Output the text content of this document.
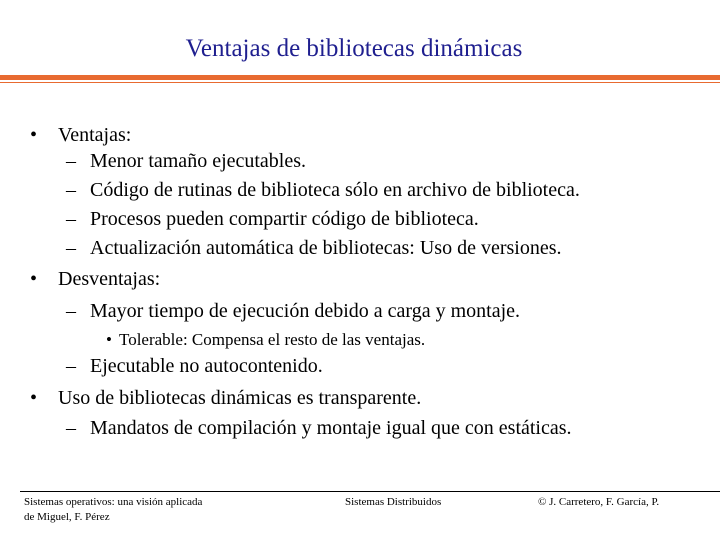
Ventajas de bibliotecas dinámicas
• Ventajas:
– Menor tamaño ejecutables.
– Código de rutinas de biblioteca sólo en archivo de biblioteca.
– Procesos pueden compartir código de biblioteca.
– Actualización automática de bibliotecas: Uso de versiones.
• Desventajas:
– Mayor tiempo de ejecución debido a carga y montaje.
• Tolerable: Compensa el resto de las ventajas.
– Ejecutable no autocontenido.
• Uso de bibliotecas dinámicas es transparente.
– Mandatos de compilación y montaje igual que con estáticas.
Sistemas operativos: una visión aplicada
de Miguel, F. Pérez
Sistemas Distribuidos	© J. Carretero, F. García, P.
